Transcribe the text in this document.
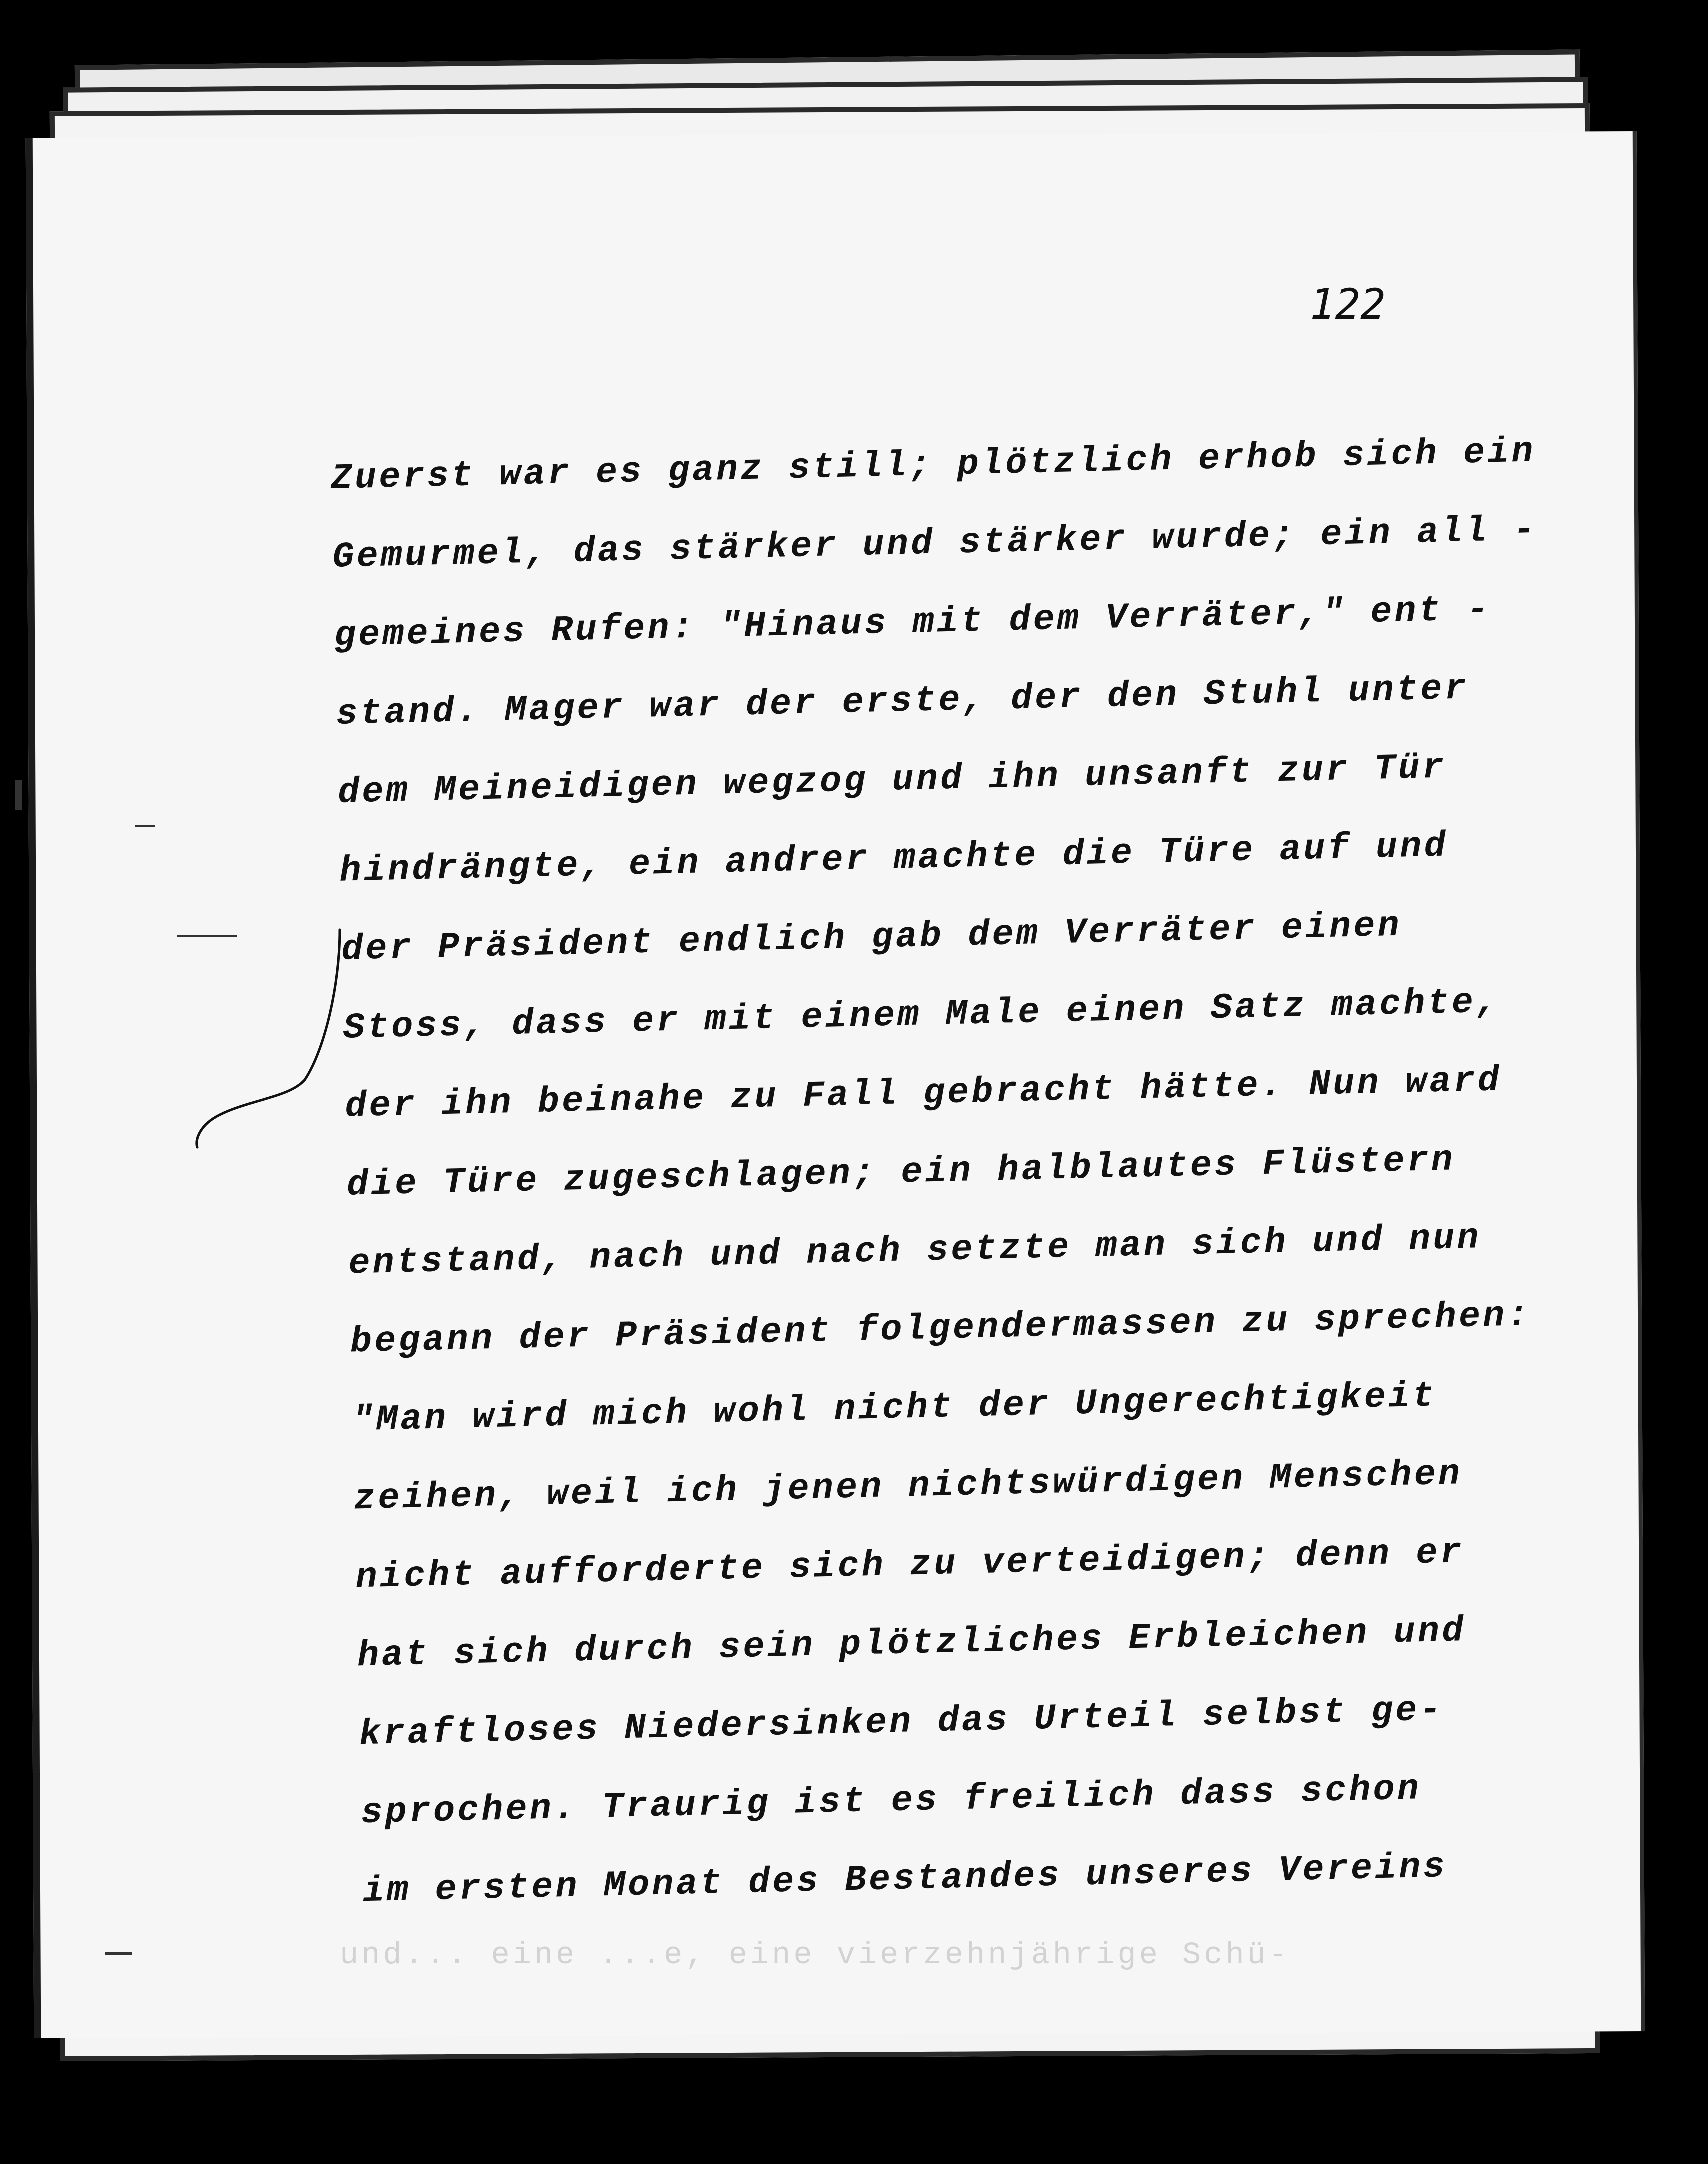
122

Zuerst war es ganz still; plötzlich erhob sich ein

Gemurmel, das stärker und stärker wurde; ein all -

gemeines Rufen: "Hinaus mit dem Verräter," ent -

stand. Mager war der erste, der den Stuhl unter

dem Meineidigen wegzog und ihn unsanft zur Tür

hindrängte, ein andrer machte die Türe auf und

der Präsident endlich gab dem Verräter einen

Stoss, dass er mit einem Male einen Satz machte,

der ihn beinahe zu Fall gebracht hätte. Nun ward

die Türe zugeschlagen; ein halblautes Flüstern

entstand, nach und nach setzte man sich und nun

begann der Präsident folgendermassen zu sprechen:

"Man wird mich wohl nicht der Ungerechtigkeit

zeihen, weil ich jenen nichtswürdigen Menschen

nicht aufforderte sich zu verteidigen; denn er

hat sich durch sein plötzliches Erbleichen und

kraftloses Niedersinken das Urteil selbst ge-

sprochen. Traurig ist es freilich dass schon

im ersten Monat des Bestandes unseres Vereins

und... eine ...e, eine vierzehnjährige Schü-
